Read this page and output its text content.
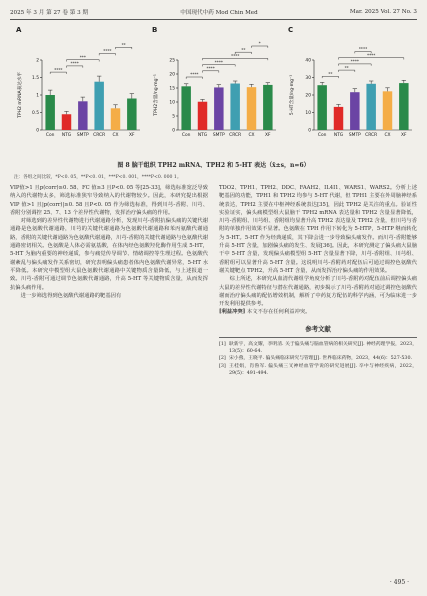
2025 年 3 月 第 27 卷 第 3 期	中国现代中药 Mod Chin Med	Mar. 2025 Vol. 27 No. 3
A
TPH2 mRNA表达水平
0
0.5
1
1.5
2
Con NTG SMTP CRCR CX XF
****
****
***
****
**
B
TPH2含量/ng·mg⁻¹
0
5
10
15
20
25
Con NTG SMTP CRCR CX XF
****
****
****
****
**
*
C
5-HT含量/ng·mg⁻¹
0
10
20
30
40
Con NTG SMTP CRCR CX XF
**
**
****
****
****
图 8 脑干组织 TPH2 mRNA、TPH2 和 5-HT 表达（x̄±s，n=6）
注：各组之间比较，*P<0. 05，**P<0. 01，***P<0. 001，****P<0. 000 1。

VIP值>1 且p(corr)≥0. 58、FC 值≥3 且P<0. 05 等[25-33]，筛选标准宽泛导致纳入的代谢物太多，筛选标准狭窄导致纳入的代谢物较少。因此，本研究提出根据 VIP 值>1 且|p(corr)|≥0. 58 且P<0. 05 作为筛选标准，得到川芎-香附、川芎、香附分别调控 25、7、13 个差异性代谢物，发挥治疗偏头痛的作用。

对筛选到的差异性代谢物进行代谢通路分析，发现川芎-香附抗偏头痛的关键代谢通路是色氨酸代谢通路，川芎的关键代谢通路为色氨酸代谢通路和苯丙氨酸代谢通路，香附的关键代谢通路为色氨酸代谢通路，川芎-香附的关键代谢通路与色氨酸代谢通路密切相关。色氨酸是人体必需氨基酸，在体内经色氨酸羟化酶作用生成 5-HT，5-HT 为脑内重要的神经递质，参与痛觉传导调节、情绪调控等生理过程。色氨酸代谢紊乱与偏头痛发作关系密切，研究表明偏头痛患者体内色氨酸代谢异常，5-HT 水平降低。本研究中模型组大鼠色氨酸代谢通路中关键物质含量降低，与上述报道一致。川芎-香附可通过调节色氨酸代谢通路，升高 5-HT 等关键物质含量，从而发挥抗偏头痛作用。

进一步筛选得到色氨酸代谢通路的靶基因有

TDO2、TPH1、TPH2、DDC、FAAH2、IL4I1、WARS1、WARS2。分析上述靶基因的功能，TPH1 和 TPH2 均参与 5-HT 代谢，但 TPH1 主要在外周脑神经系统表达，TPH2 主要在中枢神经系统表达[35]，因此 TPH2 是关注的重点。验证性实验证实，偏头痛模型组大鼠脑干 TPH2 mRNA 表达量和 TPH2 含量显著降低，川芎-香附组、川芎组、香附组均显著升高 TPH2 表达量及 TPH2 含量，但川芎与香附的单独作用效果不显著。色氨酸在 TPH 作用下转化为 5-HTP，5-HTP 继而转化为 5-HT。5-HT 作为经典递质，其下降会进一步导致偏头痛发作。而川芎-香附能够升高 5-HT 含量，加剧偏头痛的发生、发展[36]。因此，本研究测定了偏头痛大鼠脑干中 5-HT 含量，发现偏头痛模型组 5-HT 含量显著下降，川芎-香附组、川芎组、香附组可以显著升高 5-HT 含量。这说明川芎-香附药对配伍后可通过调控色氨酸代谢关键靶点 TPH2，升高 5-HT 含量，从而发挥治疗偏头痛的作用效果。

综上所述，本研究从血清代谢组学角度分析了川芎-香附药对配伍前后调控偏头痛大鼠的差异性代谢特征与潜在代谢通路，初步揭示了川芎-香附药对通过调控色氨酸代谢而治疗偏头痛的配伍增效机制，解析了中药复方配伍的科学内涵，可为临床进一步开发利用提供参考。

[利益冲突] 本文不存在任何利益冲突。

参考文献
[1] 耿新宇，高文耀，李明清. 关于偏头痛与脑血管病的相关研究[J]. 神经药理学报，2023，13(5)：60-64.
[2] 宋小燕，王晓平. 偏头痛临床研究与管理[J]. 世界临床药物，2023，44(6)：527-530.
[3] 王桂娟，肖鲁军. 偏头痛三叉神经血管学说的研究进展[J]. 卒中与神经疾病，2022，29(5)：491-494.
· 495 ·
